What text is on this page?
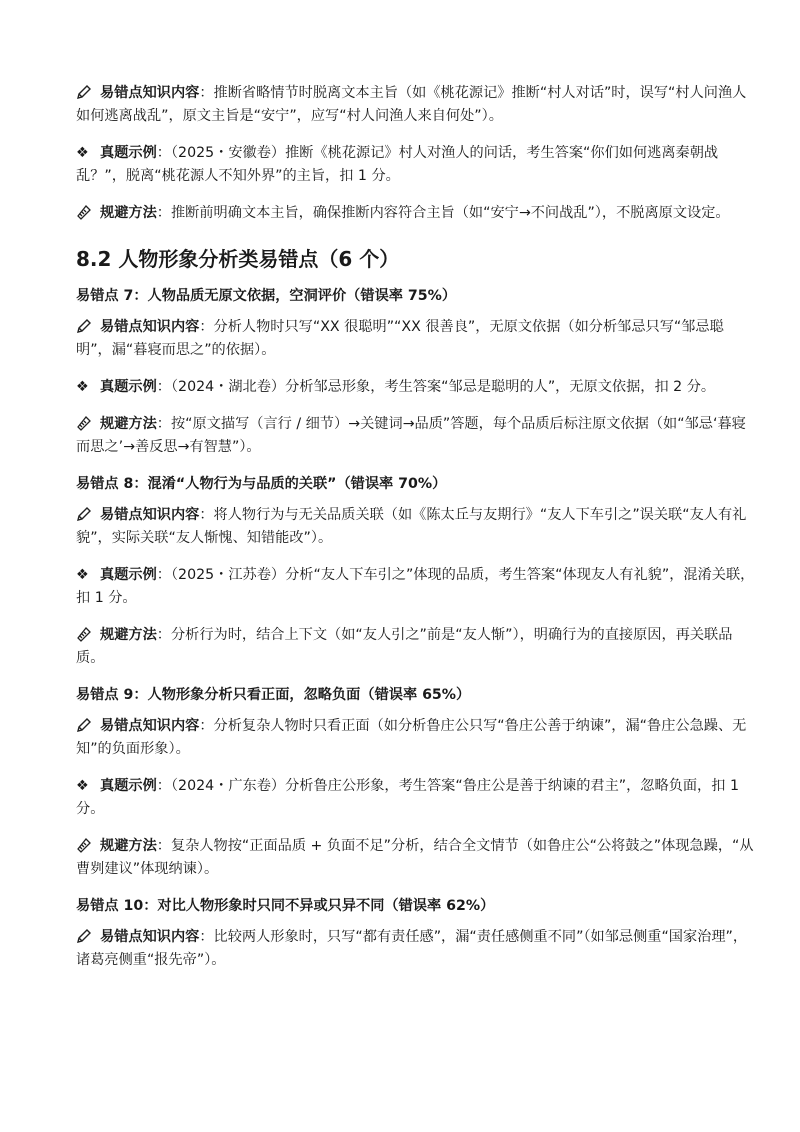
易错点知识内容：推断省略情节时脱离文本主旨（如《桃花源记》推断“村人对话”时，误写“村人问渔人如何逃离战乱”，原文主旨是“安宁”，应写“村人问渔人来自何处”）。
❖ 真题示例：（2025・安徽卷）推断《桃花源记》村人对渔人的问话，考生答案“你们如何逃离秦朝战乱？”，脱离“桃花源人不知外界”的主旨，扣 1 分。
规避方法：推断前明确文本主旨，确保推断内容符合主旨（如“安宁→不问战乱”），不脱离原文设定。
8.2 人物形象分析类易错点（6 个）
易错点 7：人物品质无原文依据，空洞评价（错误率 75%）
易错点知识内容：分析人物时只写“XX 很聪明”“XX 很善良”，无原文依据（如分析邹忌只写“邹忌聪明”，漏“暮寝而思之”的依据）。
❖ 真题示例：（2024・湖北卷）分析邹忌形象，考生答案“邹忌是聪明的人”，无原文依据，扣 2 分。
规避方法：按“原文描写（言行 / 细节）→关键词→品质”答题，每个品质后标注原文依据（如“邹忌‘暮寝而思之’→善反思→有智慧”）。
易错点 8：混淆“人物行为与品质的关联”（错误率 70%）
易错点知识内容：将人物行为与无关品质关联（如《陈太丘与友期行》“友人下车引之”误关联“友人有礼貌”，实际关联“友人惭愧、知错能改”）。
❖ 真题示例：（2025・江苏卷）分析“友人下车引之”体现的品质，考生答案“体现友人有礼貌”，混淆关联，扣 1 分。
规避方法：分析行为时，结合上下文（如“友人引之”前是“友人惭”），明确行为的直接原因，再关联品质。
易错点 9：人物形象分析只看正面，忽略负面（错误率 65%）
易错点知识内容：分析复杂人物时只看正面（如分析鲁庄公只写“鲁庄公善于纳谏”，漏“鲁庄公急躁、无知”的负面形象）。
❖ 真题示例：（2024・广东卷）分析鲁庄公形象，考生答案“鲁庄公是善于纳谏的君主”，忽略负面，扣 1 分。
规避方法：复杂人物按“正面品质 + 负面不足”分析，结合全文情节（如鲁庄公“公将鼓之”体现急躁，“从曹刿建议”体现纳谏）。
易错点 10：对比人物形象时只同不异或只异不同（错误率 62%）
易错点知识内容：比较两人形象时，只写“都有责任感”，漏“责任感侧重不同”（如邹忌侧重“国家治理”，诸葛亮侧重“报先帝”）。
